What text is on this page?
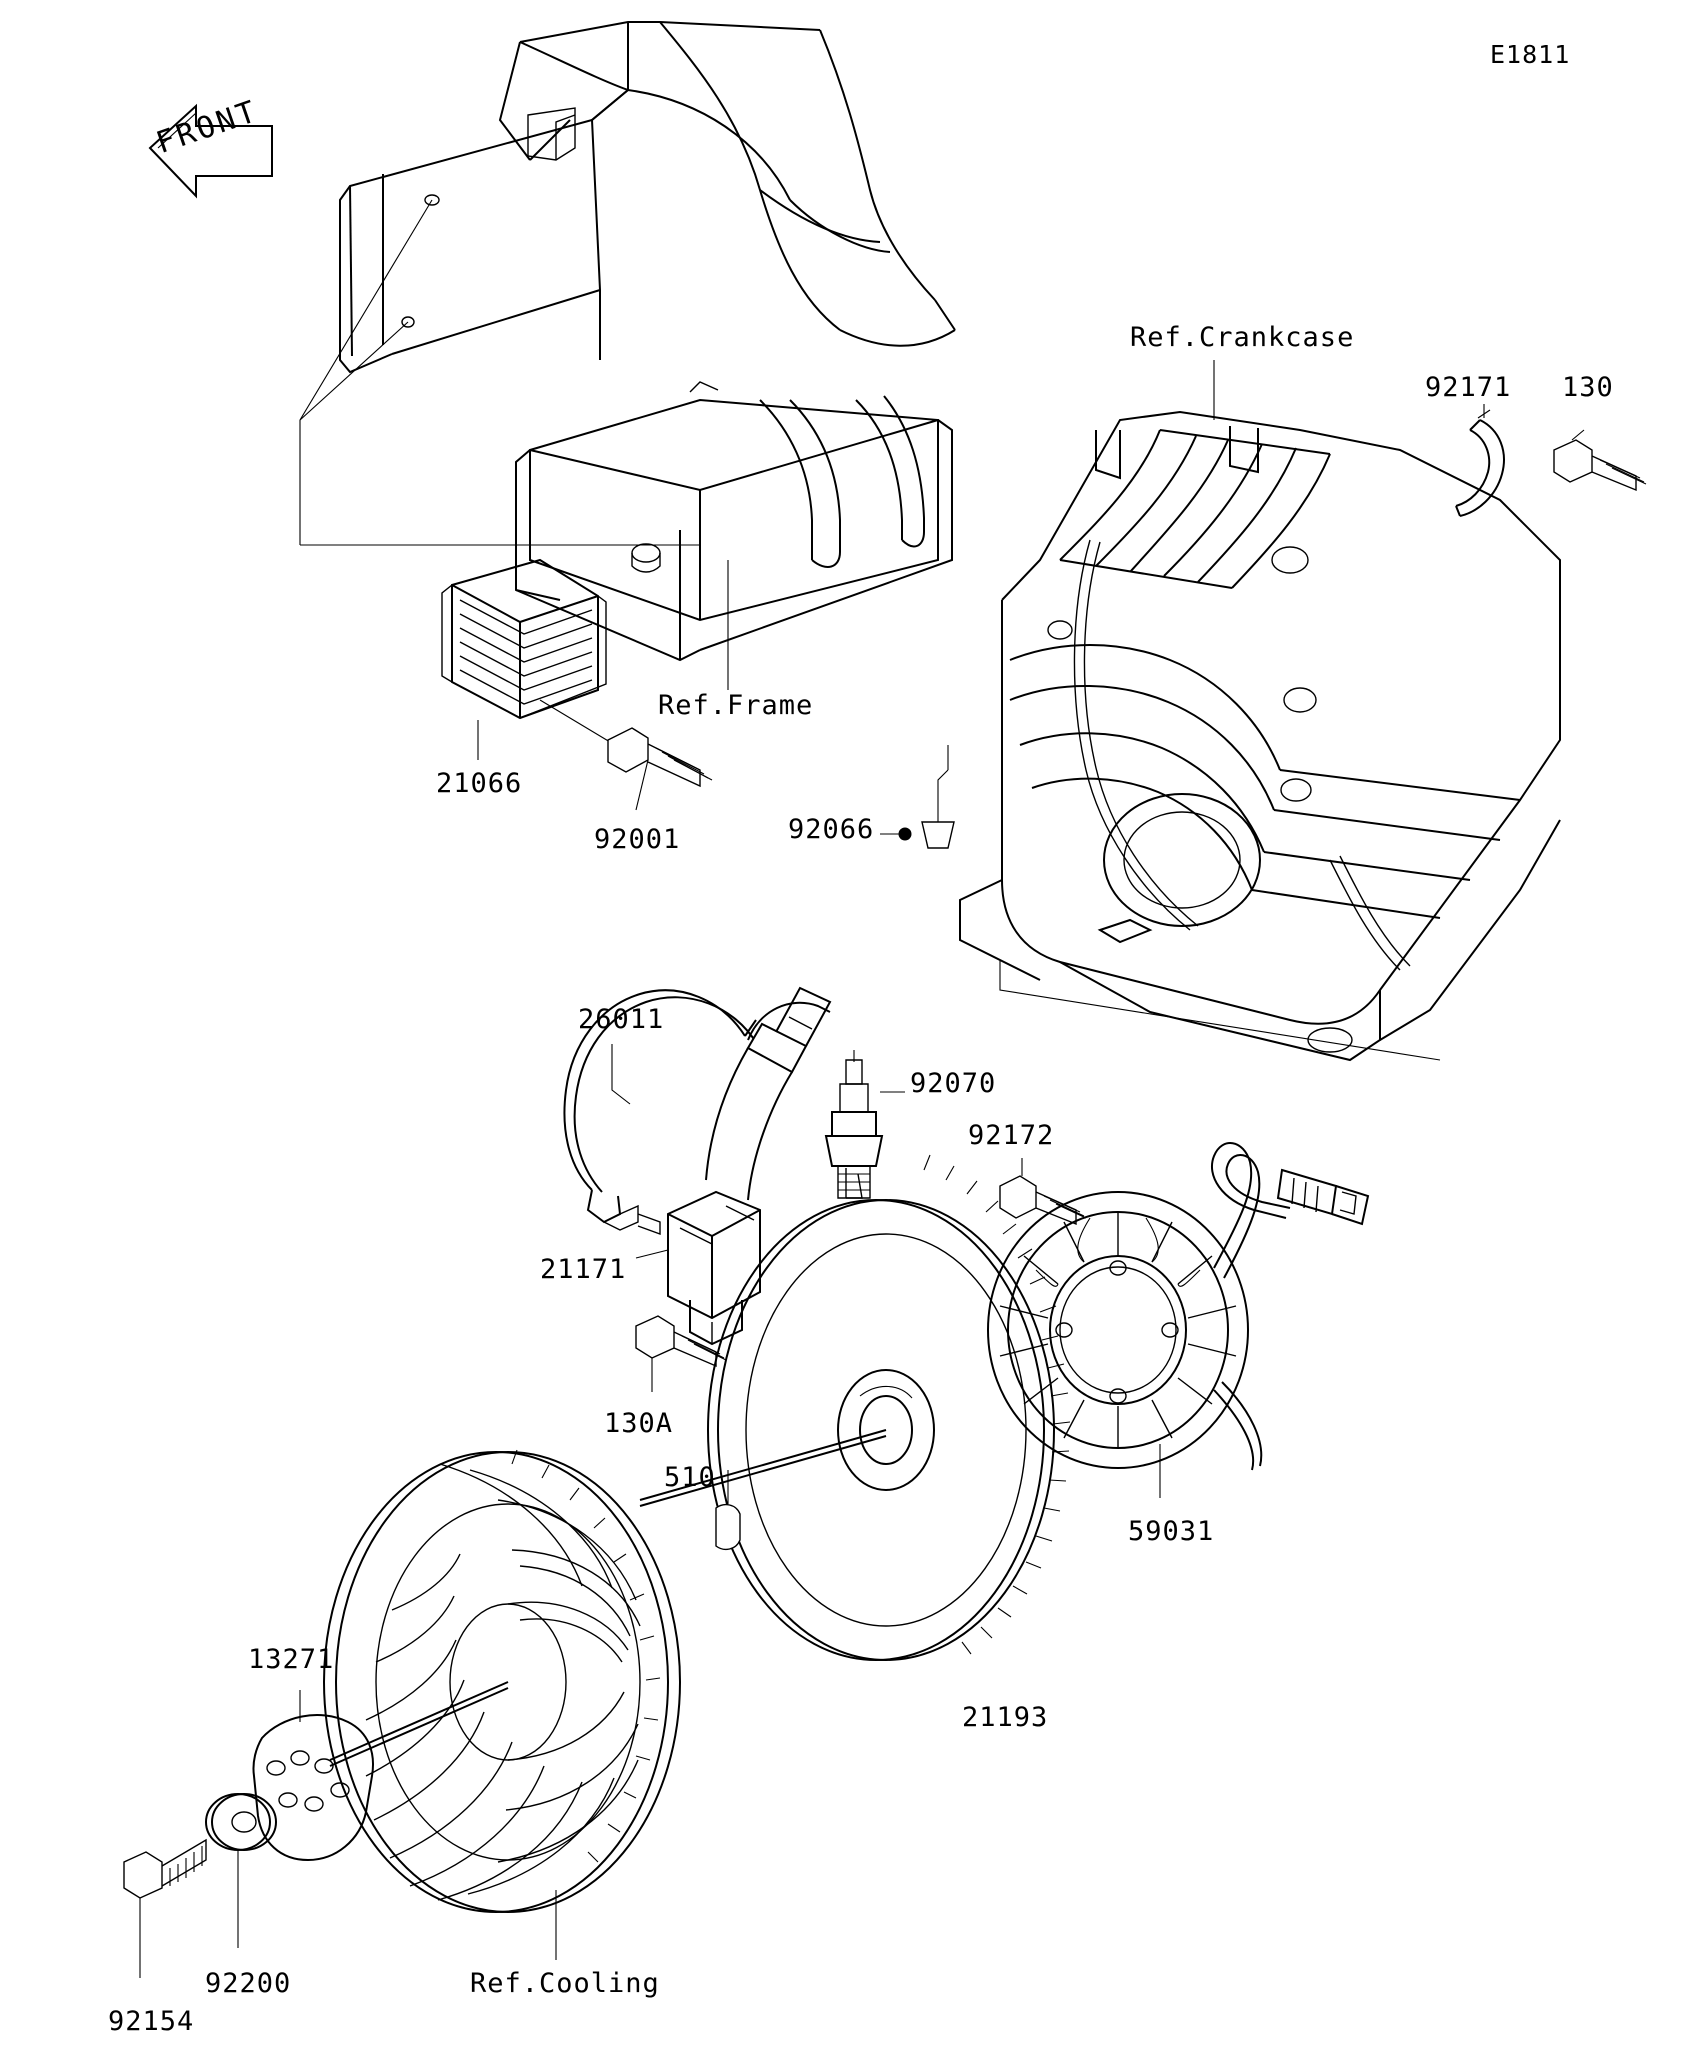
E1811
92171 130
21066
92001	92066
26011
92070
92172
21171
130A
510
59031
21193
13271
92200
92154
Ref.Crankcase
Ref.Frame
Ref.Cooling
FRONT
